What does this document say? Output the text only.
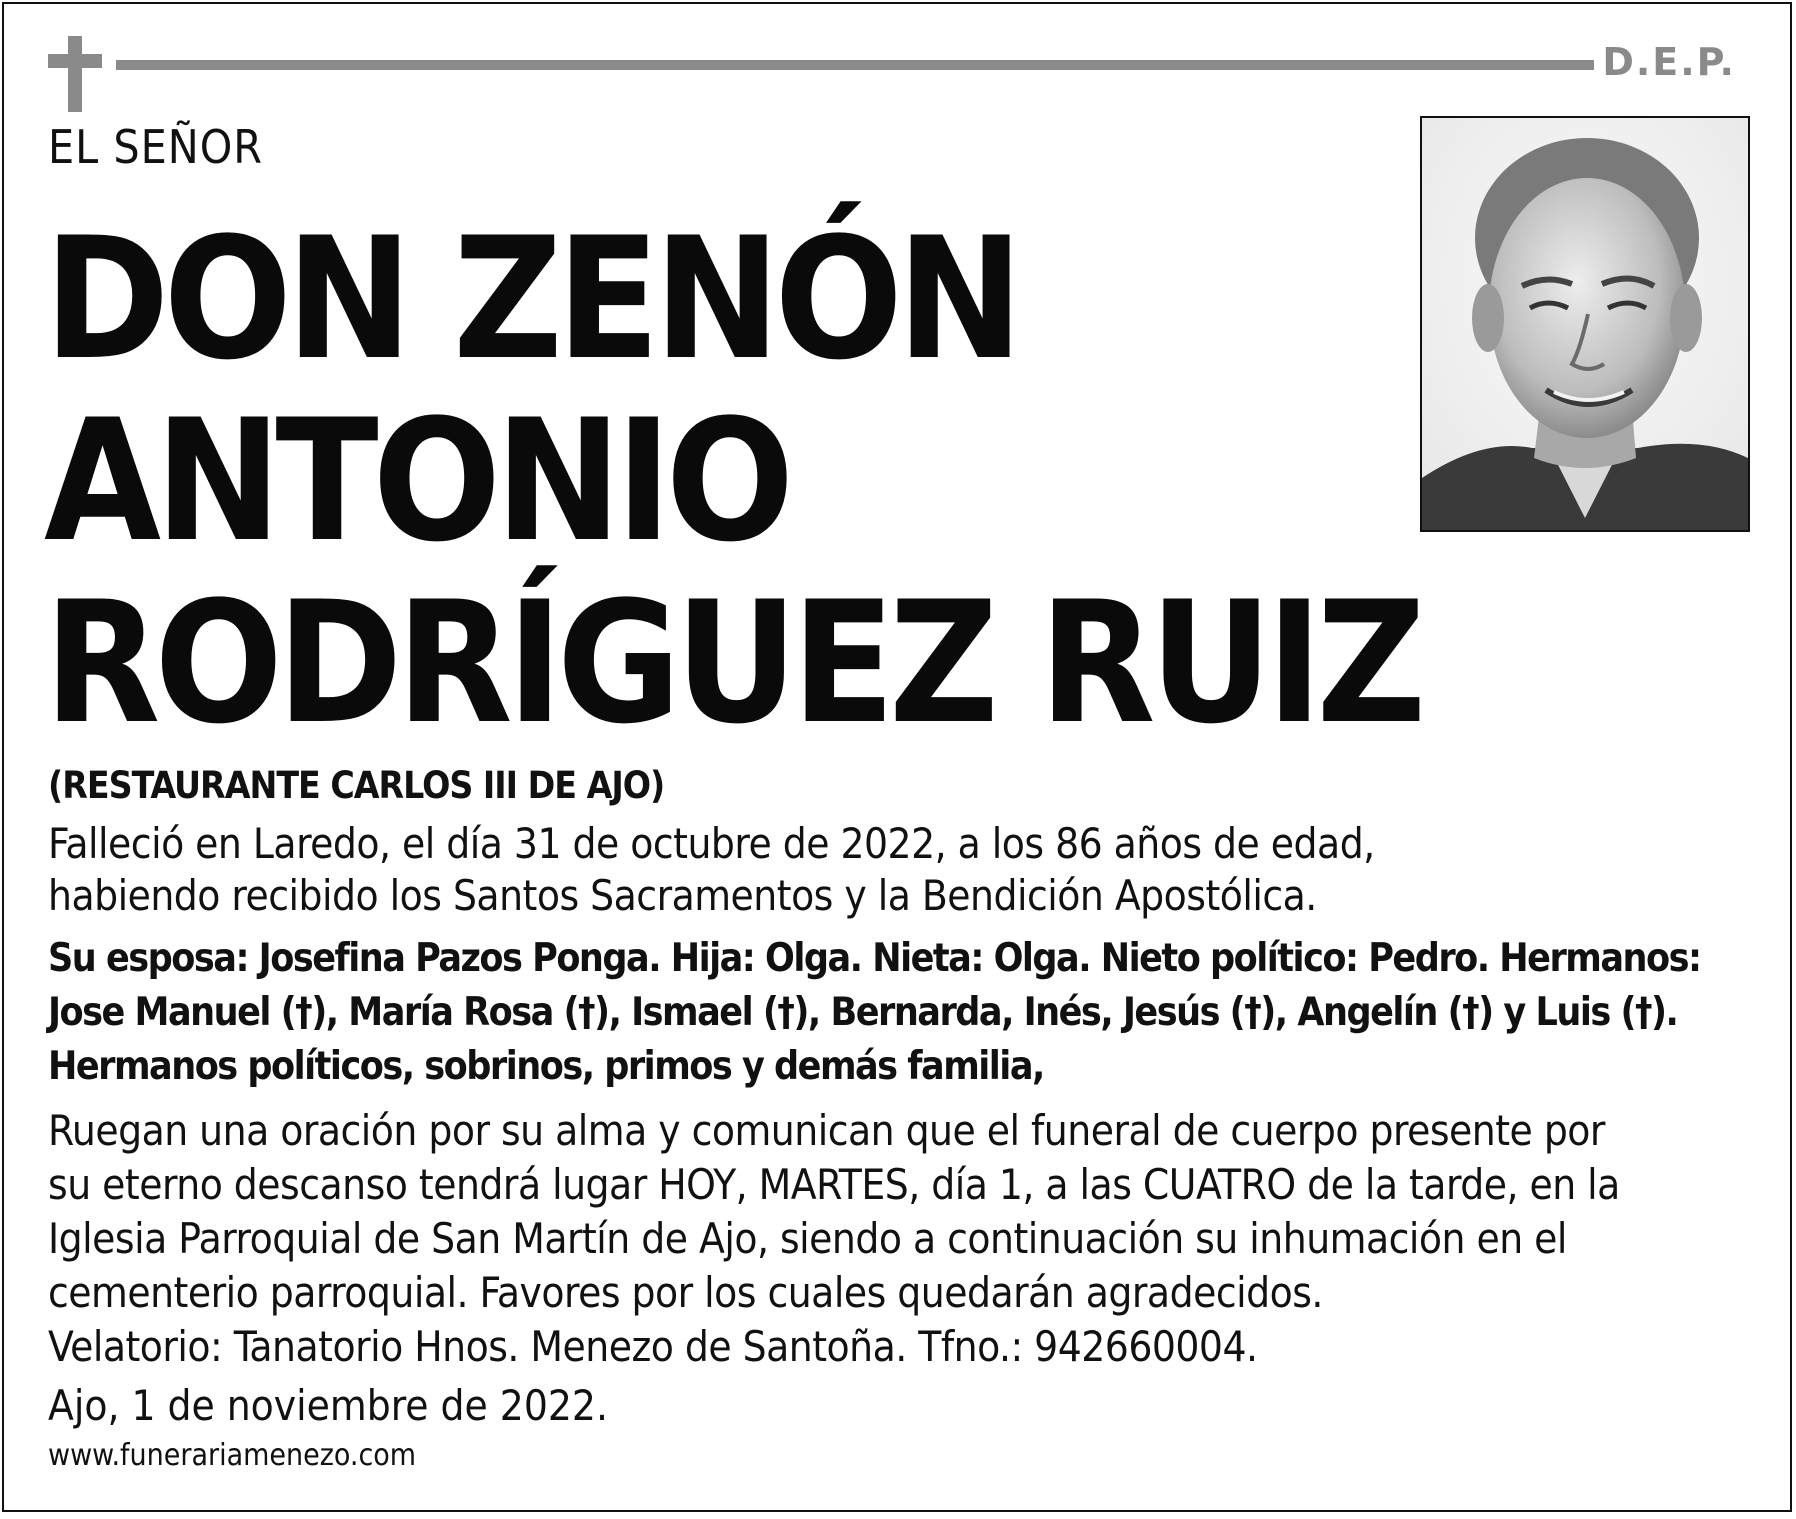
D.E.P.
EL SEÑOR
DON ZENÓN
ANTONIO
RODRÍGUEZ RUIZ
(RESTAURANTE CARLOS III DE AJO)
Falleció en Laredo, el día 31 de octubre de 2022, a los 86 años de edad,
habiendo recibido los Santos Sacramentos y la Bendición Apostólica.
Su esposa: Josefina Pazos Ponga. Hija: Olga. Nieta: Olga. Nieto político: Pedro. Hermanos:
Jose Manuel (†), María Rosa (†), Ismael (†), Bernarda, Inés, Jesús (†), Angelín (†) y Luis (†).
Hermanos políticos, sobrinos, primos y demás familia,
Ruegan una oración por su alma y comunican que el funeral de cuerpo presente por
su eterno descanso tendrá lugar HOY, MARTES, día 1, a las CUATRO de la tarde, en la
Iglesia Parroquial de San Martín de Ajo, siendo a continuación su inhumación en el
cementerio parroquial. Favores por los cuales quedarán agradecidos.
Velatorio: Tanatorio Hnos. Menezo de Santoña. Tfno.: 942660004.
Ajo, 1 de noviembre de 2022.
www.funerariamenezo.com
